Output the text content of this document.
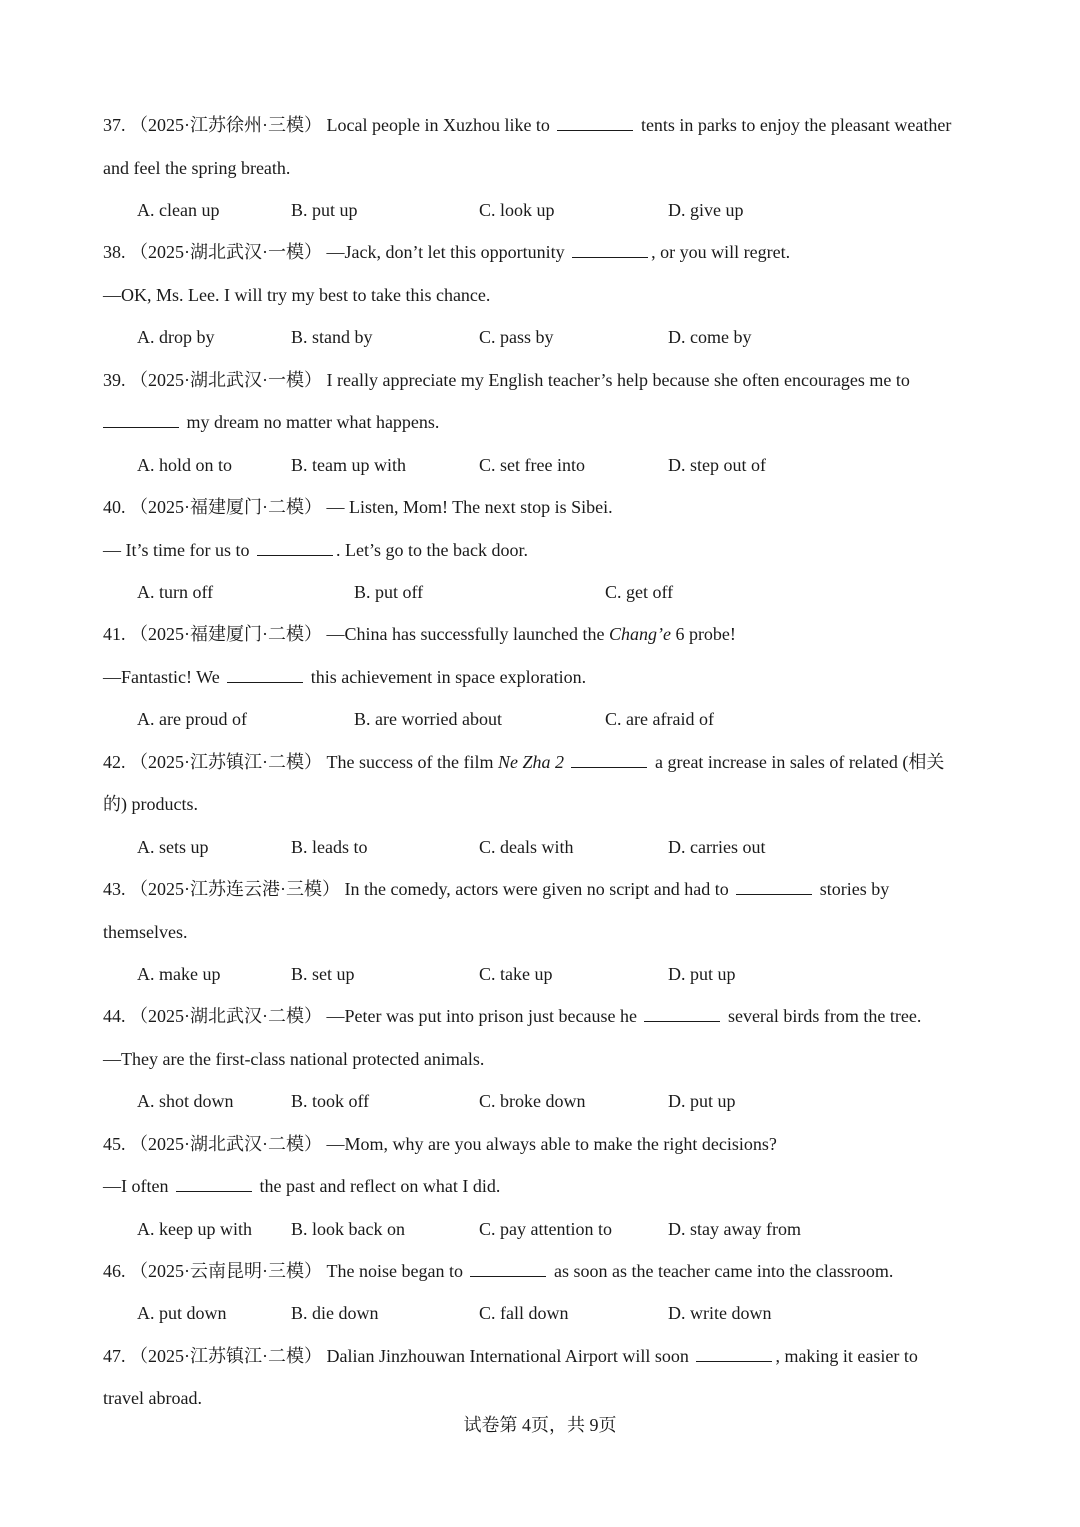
37. （2025·江苏徐州·三模） Local people in Xuzhou like to	tents in parks to enjoy the pleasant weather
and feel the spring breath.
A. clean up	B. put up	C. look up	D. give up
38. （2025·湖北武汉·一模） —Jack, don’t let this opportunity	, or you will regret.
—OK, Ms. Lee. I will try my best to take this chance.
A. drop by	B. stand by	C. pass by	D. come by
39. （2025·湖北武汉·一模） I really appreciate my English teacher’s help because she often encourages me to
my dream no matter what happens.
A. hold on to	B. team up with	C. set free into	D. step out of
40. （2025·福建厦门·二模） — Listen, Mom! The next stop is Sibei.
— It’s time for us to	. Let’s go to the back door.
A. turn off	B. put off	C. get off
41. （2025·福建厦门·二模） —China has successfully launched the Chang’e 6 probe!
—Fantastic! We	this achievement in space exploration.
A. are proud of	B. are worried about	C. are afraid of
42. （2025·江苏镇江·二模） The success of the film Ne Zha 2	a great increase in sales of related (相关
的) products.
A. sets up	B. leads to	C. deals with	D. carries out
43. （2025·江苏连云港·三模） In the comedy, actors were given no script and had to	stories by
themselves.
A. make up	B. set up	C. take up	D. put up
44. （2025·湖北武汉·二模） —Peter was put into prison just because he	several birds from the tree.
—They are the first-class national protected animals.
A. shot down	B. took off	C. broke down	D. put up
45. （2025·湖北武汉·二模） —Mom, why are you always able to make the right decisions?
—I often	the past and reflect on what I did.
A. keep up with B. look back on	C. pay attention to	D. stay away from
46. （2025·云南昆明·三模） The noise began to	as soon as the teacher came into the classroom.
A. put down	B. die down	C. fall down	D. write down
47. （2025·江苏镇江·二模） Dalian Jinzhouwan International Airport will soon	, making it easier to
travel abroad.
试卷第 4页，共 9页
